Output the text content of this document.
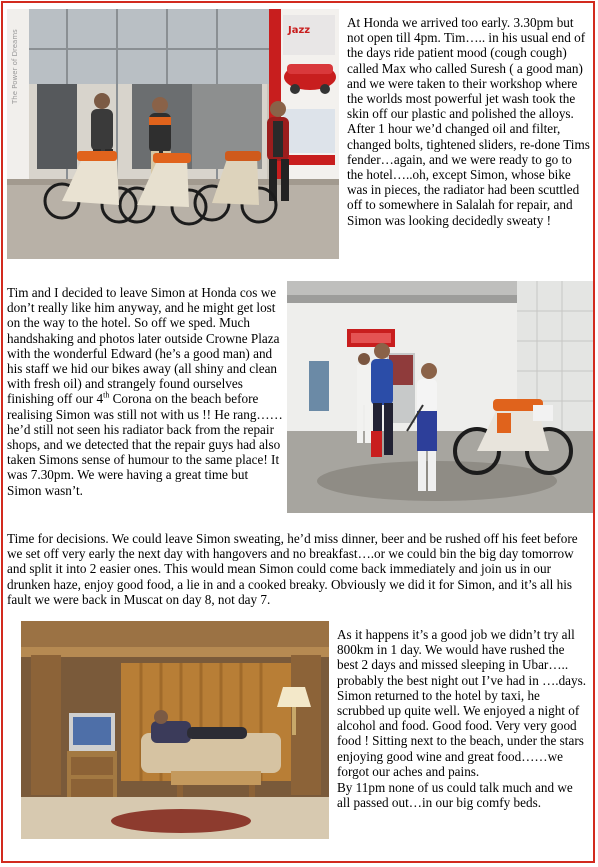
The Power of Dreams	Jazz

At Honda we arrived too early. 3.30pm but not open till 4pm. Tim….. in his usual end of the days ride patient mood (cough cough) called Max who called Suresh ( a good man) and we were taken to their workshop where the worlds most powerful jet wash took the skin off our plastic and polished the alloys. After 1 hour we’d changed oil and filter, changed bolts, tightened sliders, re-done Tims fender…again, and we were ready to go to the hotel…..oh, except Simon, whose bike was in pieces, the radiator had been scuttled off to somewhere in Salalah for repair, and Simon was looking decidedly sweaty !

Tim and I decided to leave Simon at Honda cos we don’t really like him anyway, and he might get lost on the way to the hotel. So off we sped. Much handshaking and photos later outside Crowne Plaza with the wonderful Edward (he’s a good man) and his staff we hid our bikes away (all shiny and clean with fresh oil) and strangely found ourselves finishing off our 4th Corona on the beach before realising Simon was still not with us !! He rang……he’d still not seen his radiator back from the repair shops, and we detected that the repair guys had also taken Simons sense of humour to the same place! It was 7.30pm. We were having a great time but Simon wasn’t.

Time for decisions. We could leave Simon sweating, he’d miss dinner, beer and be rushed off his feet before we set off very early the next day with hangovers and no breakfast….or we could bin the big day tomorrow and split it into 2 easier ones. This would mean Simon could come back immediately and join us in our drunken haze, enjoy good food, a lie in and a cooked breaky. Obviously we did it for Simon, and it’s all his fault we were back in Muscat on day 8, not day 7.

As it happens it’s a good job we didn’t try all 800km in 1 day. We would have rushed the best 2 days and missed sleeping in Ubar….. probably the best night out I’ve had in ….days. Simon returned to the hotel by taxi, he scrubbed up quite well. We enjoyed a night of alcohol and food. Good food. Very very good food ! Sitting next to the beach, under the stars enjoying good wine and great food……we forgot our aches and pains.

By 11pm none of us could talk much and we all passed out…in our big comfy beds.
